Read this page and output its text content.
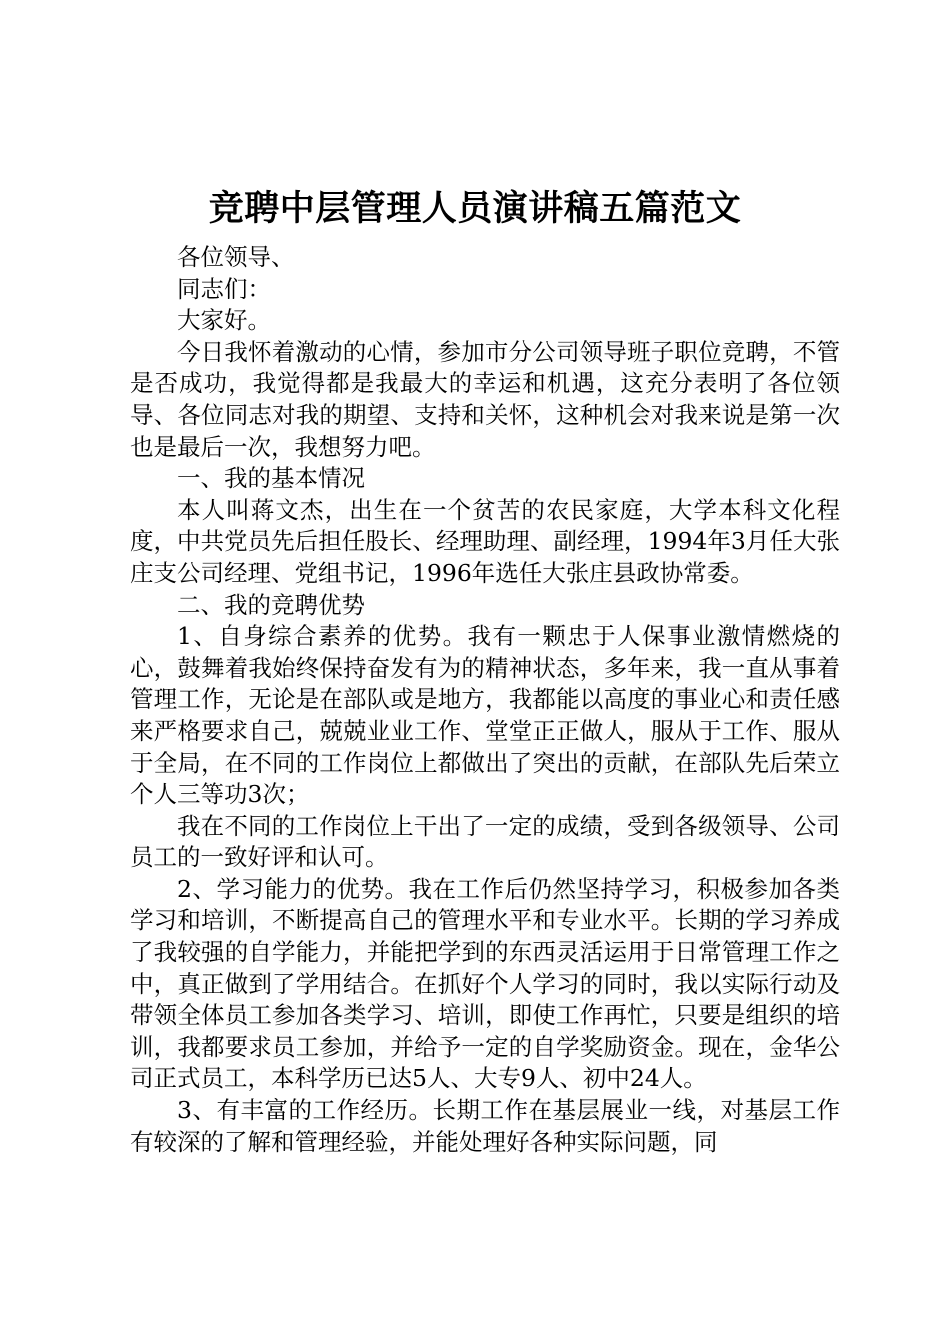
竞聘中层管理人员演讲稿五篇范文

各位领导、

同志们：

大家好。

今日我怀着激动的心情，参加市分公司领导班子职位竞聘，不管是否成功，我觉得都是我最大的幸运和机遇，这充分表明了各位领导、各位同志对我的期望、支持和关怀，这种机会对我来说是第一次也是最后一次，我想努力吧。

一、我的基本情况

本人叫蒋文杰，出生在一个贫苦的农民家庭，大学本科文化程度，中共党员先后担任股长、经理助理、副经理，1994年3月任大张庄支公司经理、党组书记，1996年选任大张庄县政协常委。

二、我的竞聘优势

1、自身综合素养的优势。我有一颗忠于人保事业激情燃烧的心，鼓舞着我始终保持奋发有为的精神状态，多年来，我一直从事着管理工作，无论是在部队或是地方，我都能以高度的事业心和责任感来严格要求自己，兢兢业业工作、堂堂正正做人，服从于工作、服从于全局，在不同的工作岗位上都做出了突出的贡献，在部队先后荣立个人三等功3次；

我在不同的工作岗位上干出了一定的成绩，受到各级领导、公司员工的一致好评和认可。

2、学习能力的优势。我在工作后仍然坚持学习，积极参加各类学习和培训，不断提高自己的管理水平和专业水平。长期的学习养成了我较强的自学能力，并能把学到的东西灵活运用于日常管理工作之中，真正做到了学用结合。在抓好个人学习的同时，我以实际行动及带领全体员工参加各类学习、培训，即使工作再忙，只要是组织的培训，我都要求员工参加，并给予一定的自学奖励资金。现在，金华公司正式员工，本科学历已达5人、大专9人、初中24人。

3、有丰富的工作经历。长期工作在基层展业一线，对基层工作有较深的了解和管理经验，并能处理好各种实际问题，同
